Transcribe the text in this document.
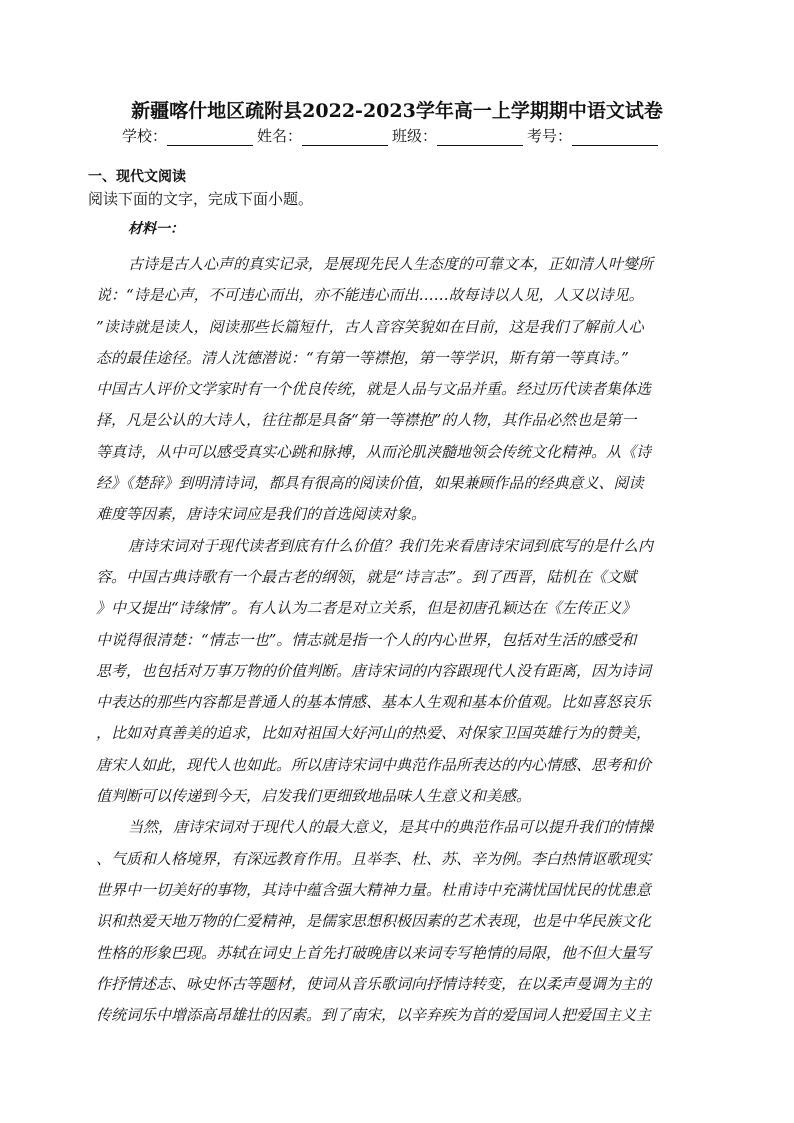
新疆喀什地区疏附县2022-2023学年高一上学期期中语文试卷
学校：	姓名：	班级：	考号：
一、现代文阅读
阅读下面的文字，完成下面小题。
材料一：
古诗是古人心声的真实记录，是展现先民人生态度的可靠文本，正如清人叶燮所
说：“诗是心声，不可违心而出，亦不能违心而出……故每诗以人见，人又以诗见。
”读诗就是读人，阅读那些长篇短什，古人音容笑貌如在目前，这是我们了解前人心
态的最佳途径。清人沈德潜说：“有第一等襟抱，第一等学识，斯有第一等真诗。”
中国古人评价文学家时有一个优良传统，就是人品与文品并重。经过历代读者集体选
择，凡是公认的大诗人，往往都是具备“第一等襟抱”的人物，其作品必然也是第一
等真诗，从中可以感受真实心跳和脉搏，从而沦肌浃髓地领会传统文化精神。从《诗
经》《楚辞》到明清诗词，都具有很高的阅读价值，如果兼顾作品的经典意义、阅读
难度等因素，唐诗宋词应是我们的首选阅读对象。
唐诗宋词对于现代读者到底有什么价值？我们先来看唐诗宋词到底写的是什么内
容。中国古典诗歌有一个最古老的纲领，就是“诗言志”。到了西晋，陆机在《文赋
》中又提出“诗缘情”。有人认为二者是对立关系，但是初唐孔颖达在《左传正义》
中说得很清楚：“情志一也”。情志就是指一个人的内心世界，包括对生活的感受和
思考，也包括对万事万物的价值判断。唐诗宋词的内容跟现代人没有距离，因为诗词
中表达的那些内容都是普通人的基本情感、基本人生观和基本价值观。比如喜怒哀乐
，比如对真善美的追求，比如对祖国大好河山的热爱、对保家卫国英雄行为的赞美，
唐宋人如此，现代人也如此。所以唐诗宋词中典范作品所表达的内心情感、思考和价
值判断可以传递到今天，启发我们更细致地品味人生意义和美感。
当然，唐诗宋词对于现代人的最大意义，是其中的典范作品可以提升我们的情操
、气质和人格境界，有深远教育作用。且举李、杜、苏、辛为例。李白热情讴歌现实
世界中一切美好的事物，其诗中蕴含强大精神力量。杜甫诗中充满忧国忧民的忧患意
识和热爱天地万物的仁爱精神，是儒家思想积极因素的艺术表现，也是中华民族文化
性格的形象巴现。苏轼在词史上首先打破晚唐以来词专写艳情的局限，他不但大量写
作抒情述志、咏史怀古等题材，使词从音乐歌词向抒情诗转变，在以柔声曼调为主的
传统词乐中增添高昂雄壮的因素。到了南宋，以辛弃疾为首的爱国词人把爱国主义主
